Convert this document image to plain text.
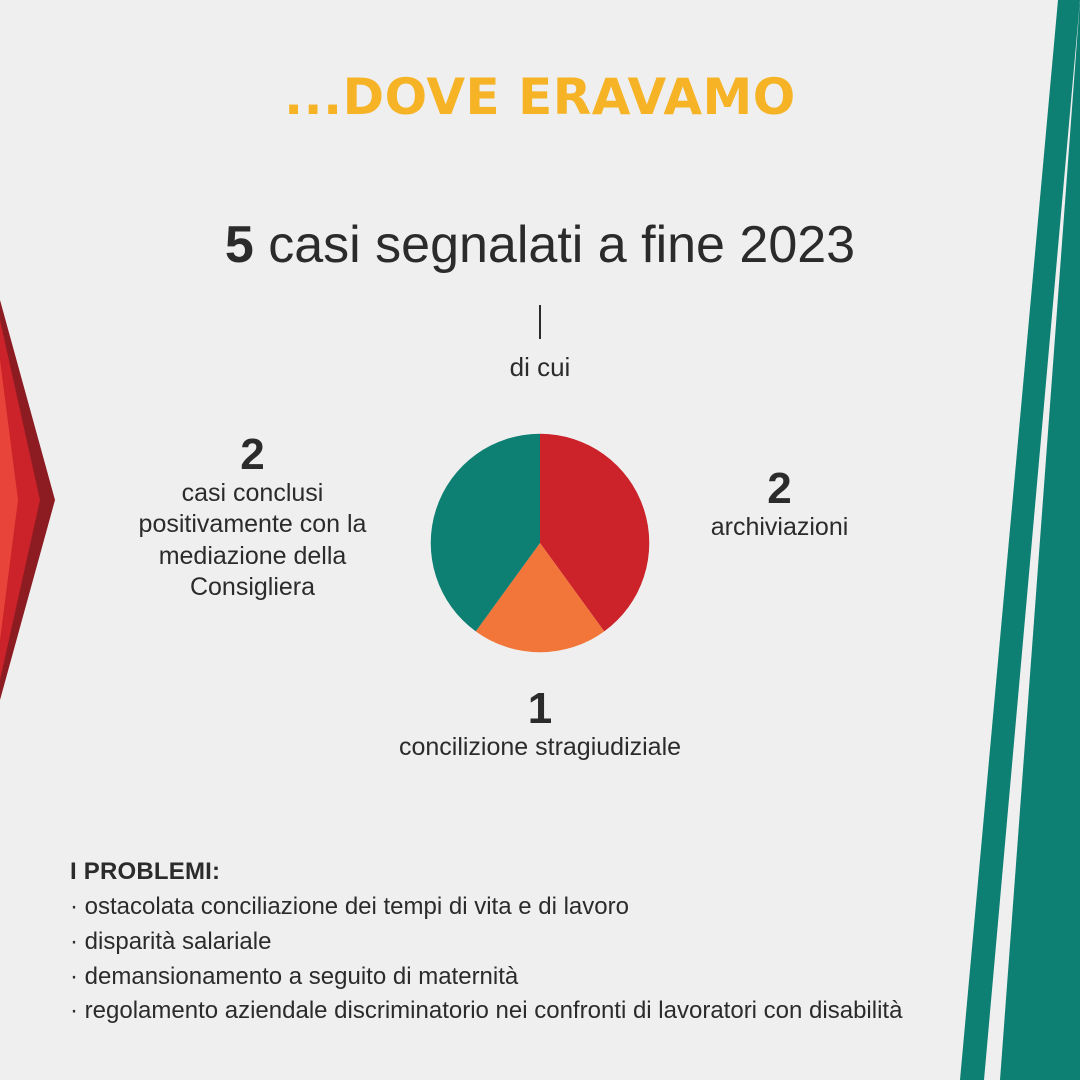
...DOVE ERAVAMO
5 casi segnalati a fine 2023
di cui
2
casi conclusi positivamente con la mediazione della Consigliera
2
archiviazioni
1
concilizione stragiudiziale
I PROBLEMI:
· ostacolata conciliazione dei tempi di vita e di lavoro
· disparità salariale
· demansionamento a seguito di maternità
· regolamento aziendale discriminatorio nei confronti di lavoratori con disabilità
